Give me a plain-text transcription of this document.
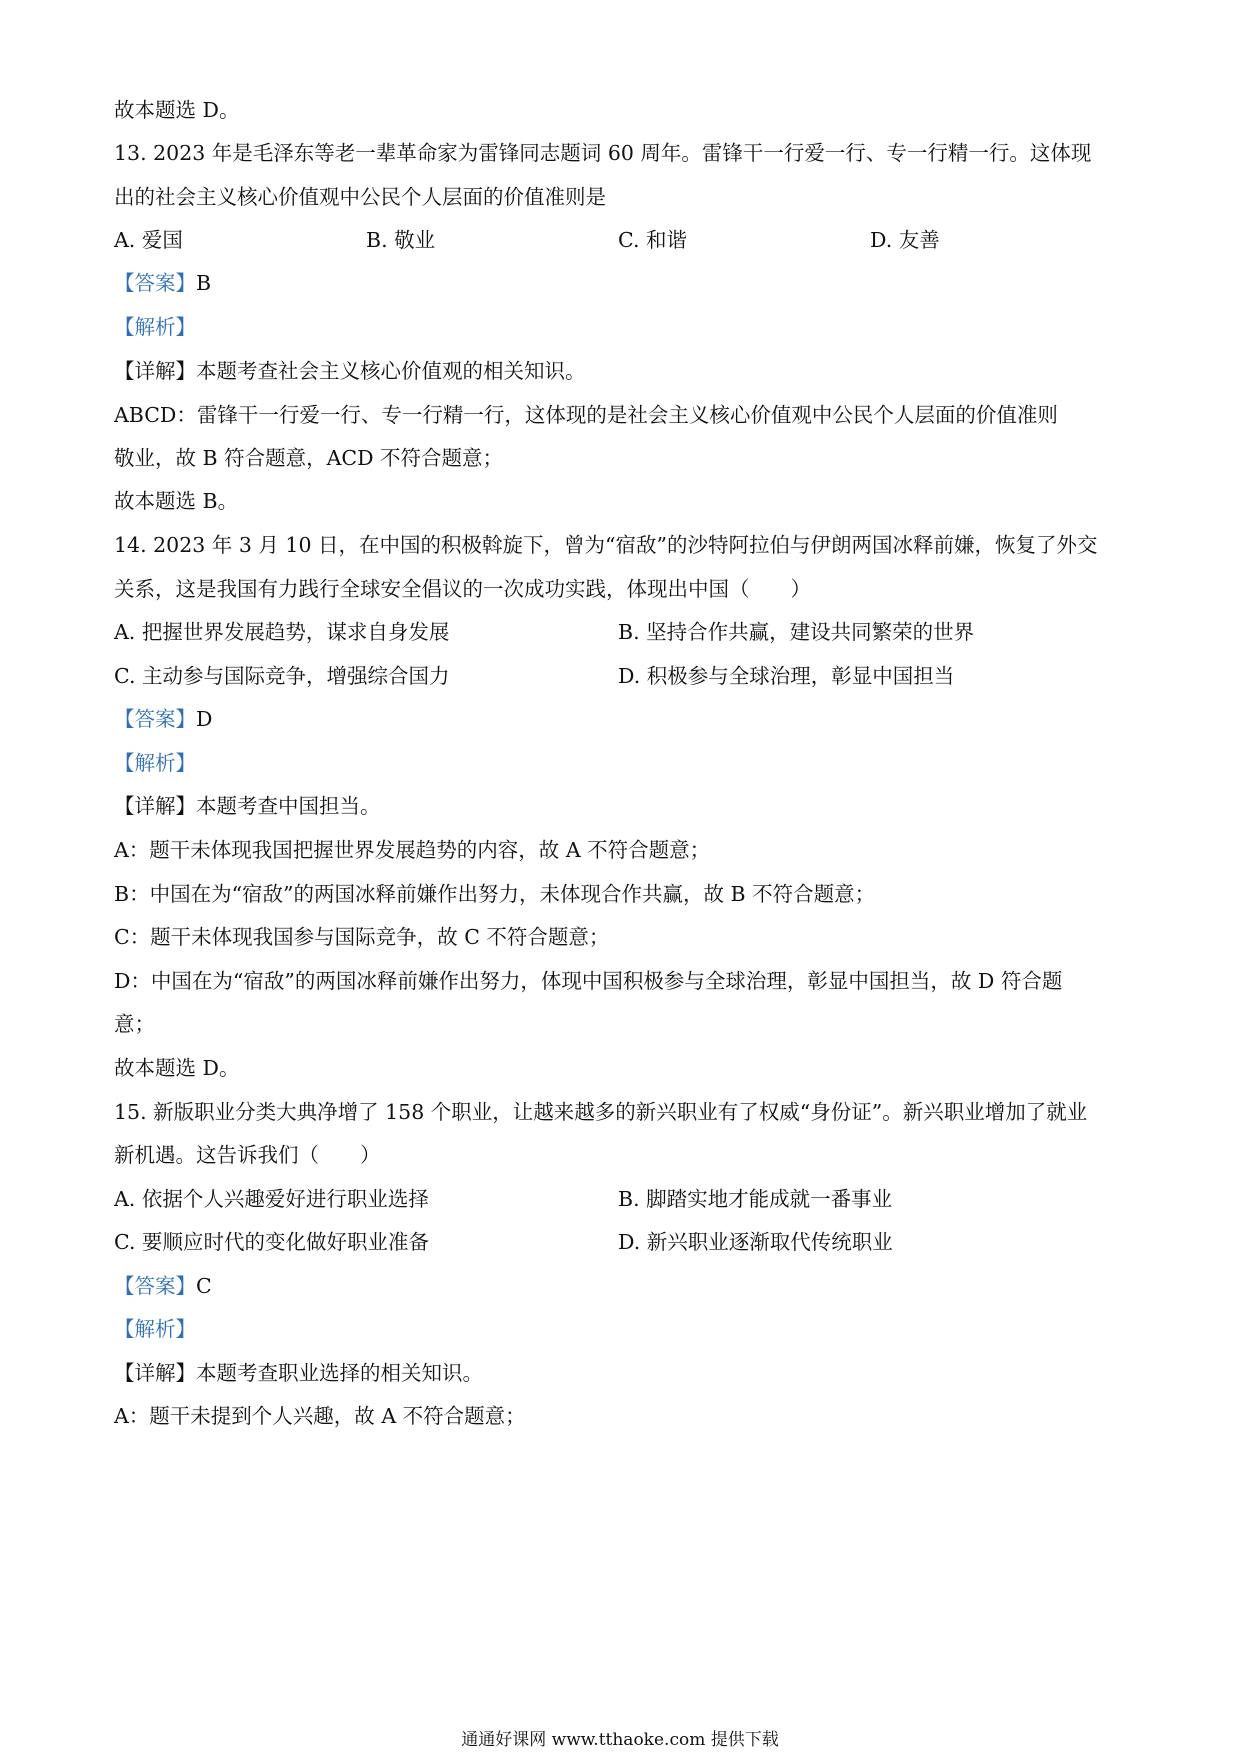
故本题选 D。
13. 2023 年是毛泽东等老一辈革命家为雷锋同志题词 60 周年。雷锋干一行爱一行、专一行精一行。这体现
出的社会主义核心价值观中公民个人层面的价值准则是
A. 爱国	B. 敬业	C. 和谐	D. 友善
【答案】B
【解析】
【详解】本题考查社会主义核心价值观的相关知识。
ABCD：雷锋干一行爱一行、专一行精一行，这体现的是社会主义核心价值观中公民个人层面的价值准则
敬业，故 B 符合题意，ACD 不符合题意；
故本题选 B。
14. 2023 年 3 月 10 日，在中国的积极斡旋下，曾为“宿敌”的沙特阿拉伯与伊朗两国冰释前嫌，恢复了外交
关系，这是我国有力践行全球安全倡议的一次成功实践，体现出中国（　　）
A. 把握世界发展趋势，谋求自身发展	B. 坚持合作共赢，建设共同繁荣的世界
C. 主动参与国际竞争，增强综合国力	D. 积极参与全球治理，彰显中国担当
【答案】D
【解析】
【详解】本题考查中国担当。
A：题干未体现我国把握世界发展趋势的内容，故 A 不符合题意；
B：中国在为“宿敌”的两国冰释前嫌作出努力，未体现合作共赢，故 B 不符合题意；
C：题干未体现我国参与国际竞争，故 C 不符合题意；
D：中国在为“宿敌”的两国冰释前嫌作出努力，体现中国积极参与全球治理，彰显中国担当，故 D 符合题
意；
故本题选 D。
15. 新版职业分类大典净增了 158 个职业，让越来越多的新兴职业有了权威“身份证”。新兴职业增加了就业
新机遇。这告诉我们（　　）
A. 依据个人兴趣爱好进行职业选择	B. 脚踏实地才能成就一番事业
C. 要顺应时代的变化做好职业准备	D. 新兴职业逐渐取代传统职业
【答案】C
【解析】
【详解】本题考查职业选择的相关知识。
A：题干未提到个人兴趣，故 A 不符合题意；
通通好课网 www.tthaoke.com 提供下载
